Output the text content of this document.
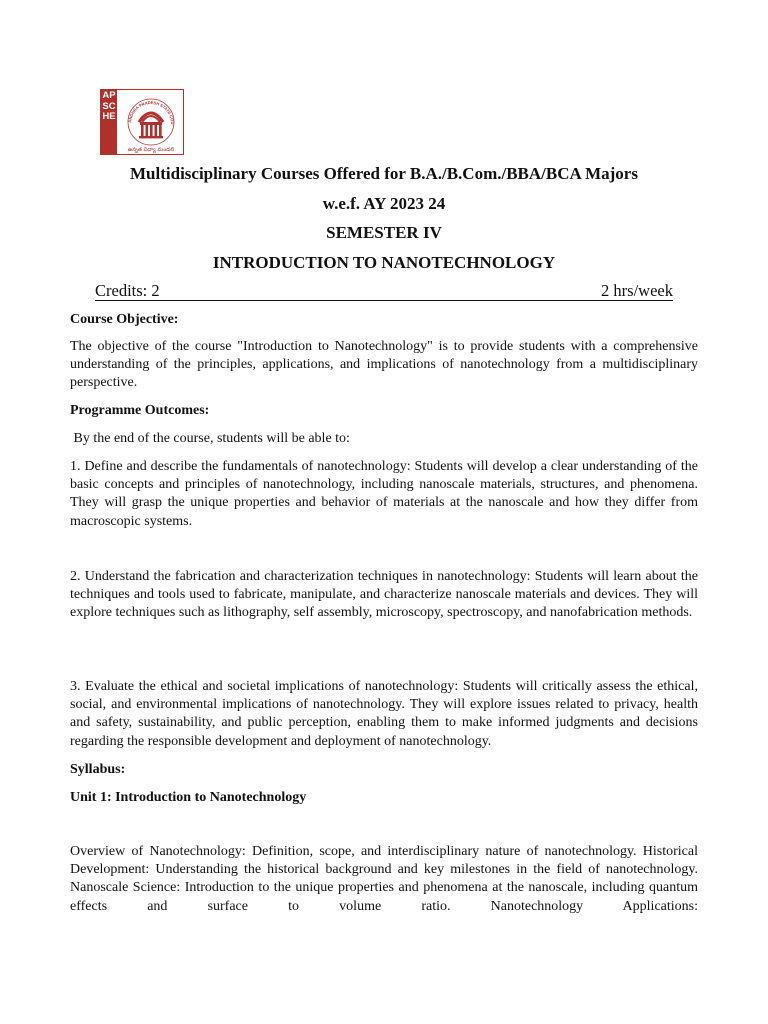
APSCHE	ANDHRA PRADESH STATE COU
ఉన్నత విద్యా మండలి
Multidisciplinary Courses Offered for B.A./B.Com./BBA/BCA Majors
w.e.f. AY 2023 24
SEMESTER IV
INTRODUCTION TO NANOTECHNOLOGY
Credits: 2	2 hrs/week
Course Objective:
The objective of the course "Introduction to Nanotechnology" is to provide students with a comprehensive understanding of the principles, applications, and implications of nanotechnology from a multidisciplinary perspective.
Programme Outcomes:
By the end of the course, students will be able to:
1. Define and describe the fundamentals of nanotechnology: Students will develop a clear understanding of the basic concepts and principles of nanotechnology, including nanoscale materials, structures, and phenomena. They will grasp the unique properties and behavior of materials at the nanoscale and how they differ from macroscopic systems.
2. Understand the fabrication and characterization techniques in nanotechnology: Students will learn about the techniques and tools used to fabricate, manipulate, and characterize nanoscale materials and devices. They will explore techniques such as lithography, self assembly, microscopy, spectroscopy, and nanofabrication methods.
3. Evaluate the ethical and societal implications of nanotechnology: Students will critically assess the ethical, social, and environmental implications of nanotechnology. They will explore issues related to privacy, health and safety, sustainability, and public perception, enabling them to make informed judgments and decisions regarding the responsible development and deployment of nanotechnology.
Syllabus:
Unit 1: Introduction to Nanotechnology
Overview of Nanotechnology: Definition, scope, and interdisciplinary nature of nanotechnology. Historical Development: Understanding the historical background and key milestones in the field of nanotechnology. Nanoscale Science: Introduction to the unique properties and phenomena at the nanoscale, including quantum effects and surface to volume ratio. Nanotechnology Applications:
